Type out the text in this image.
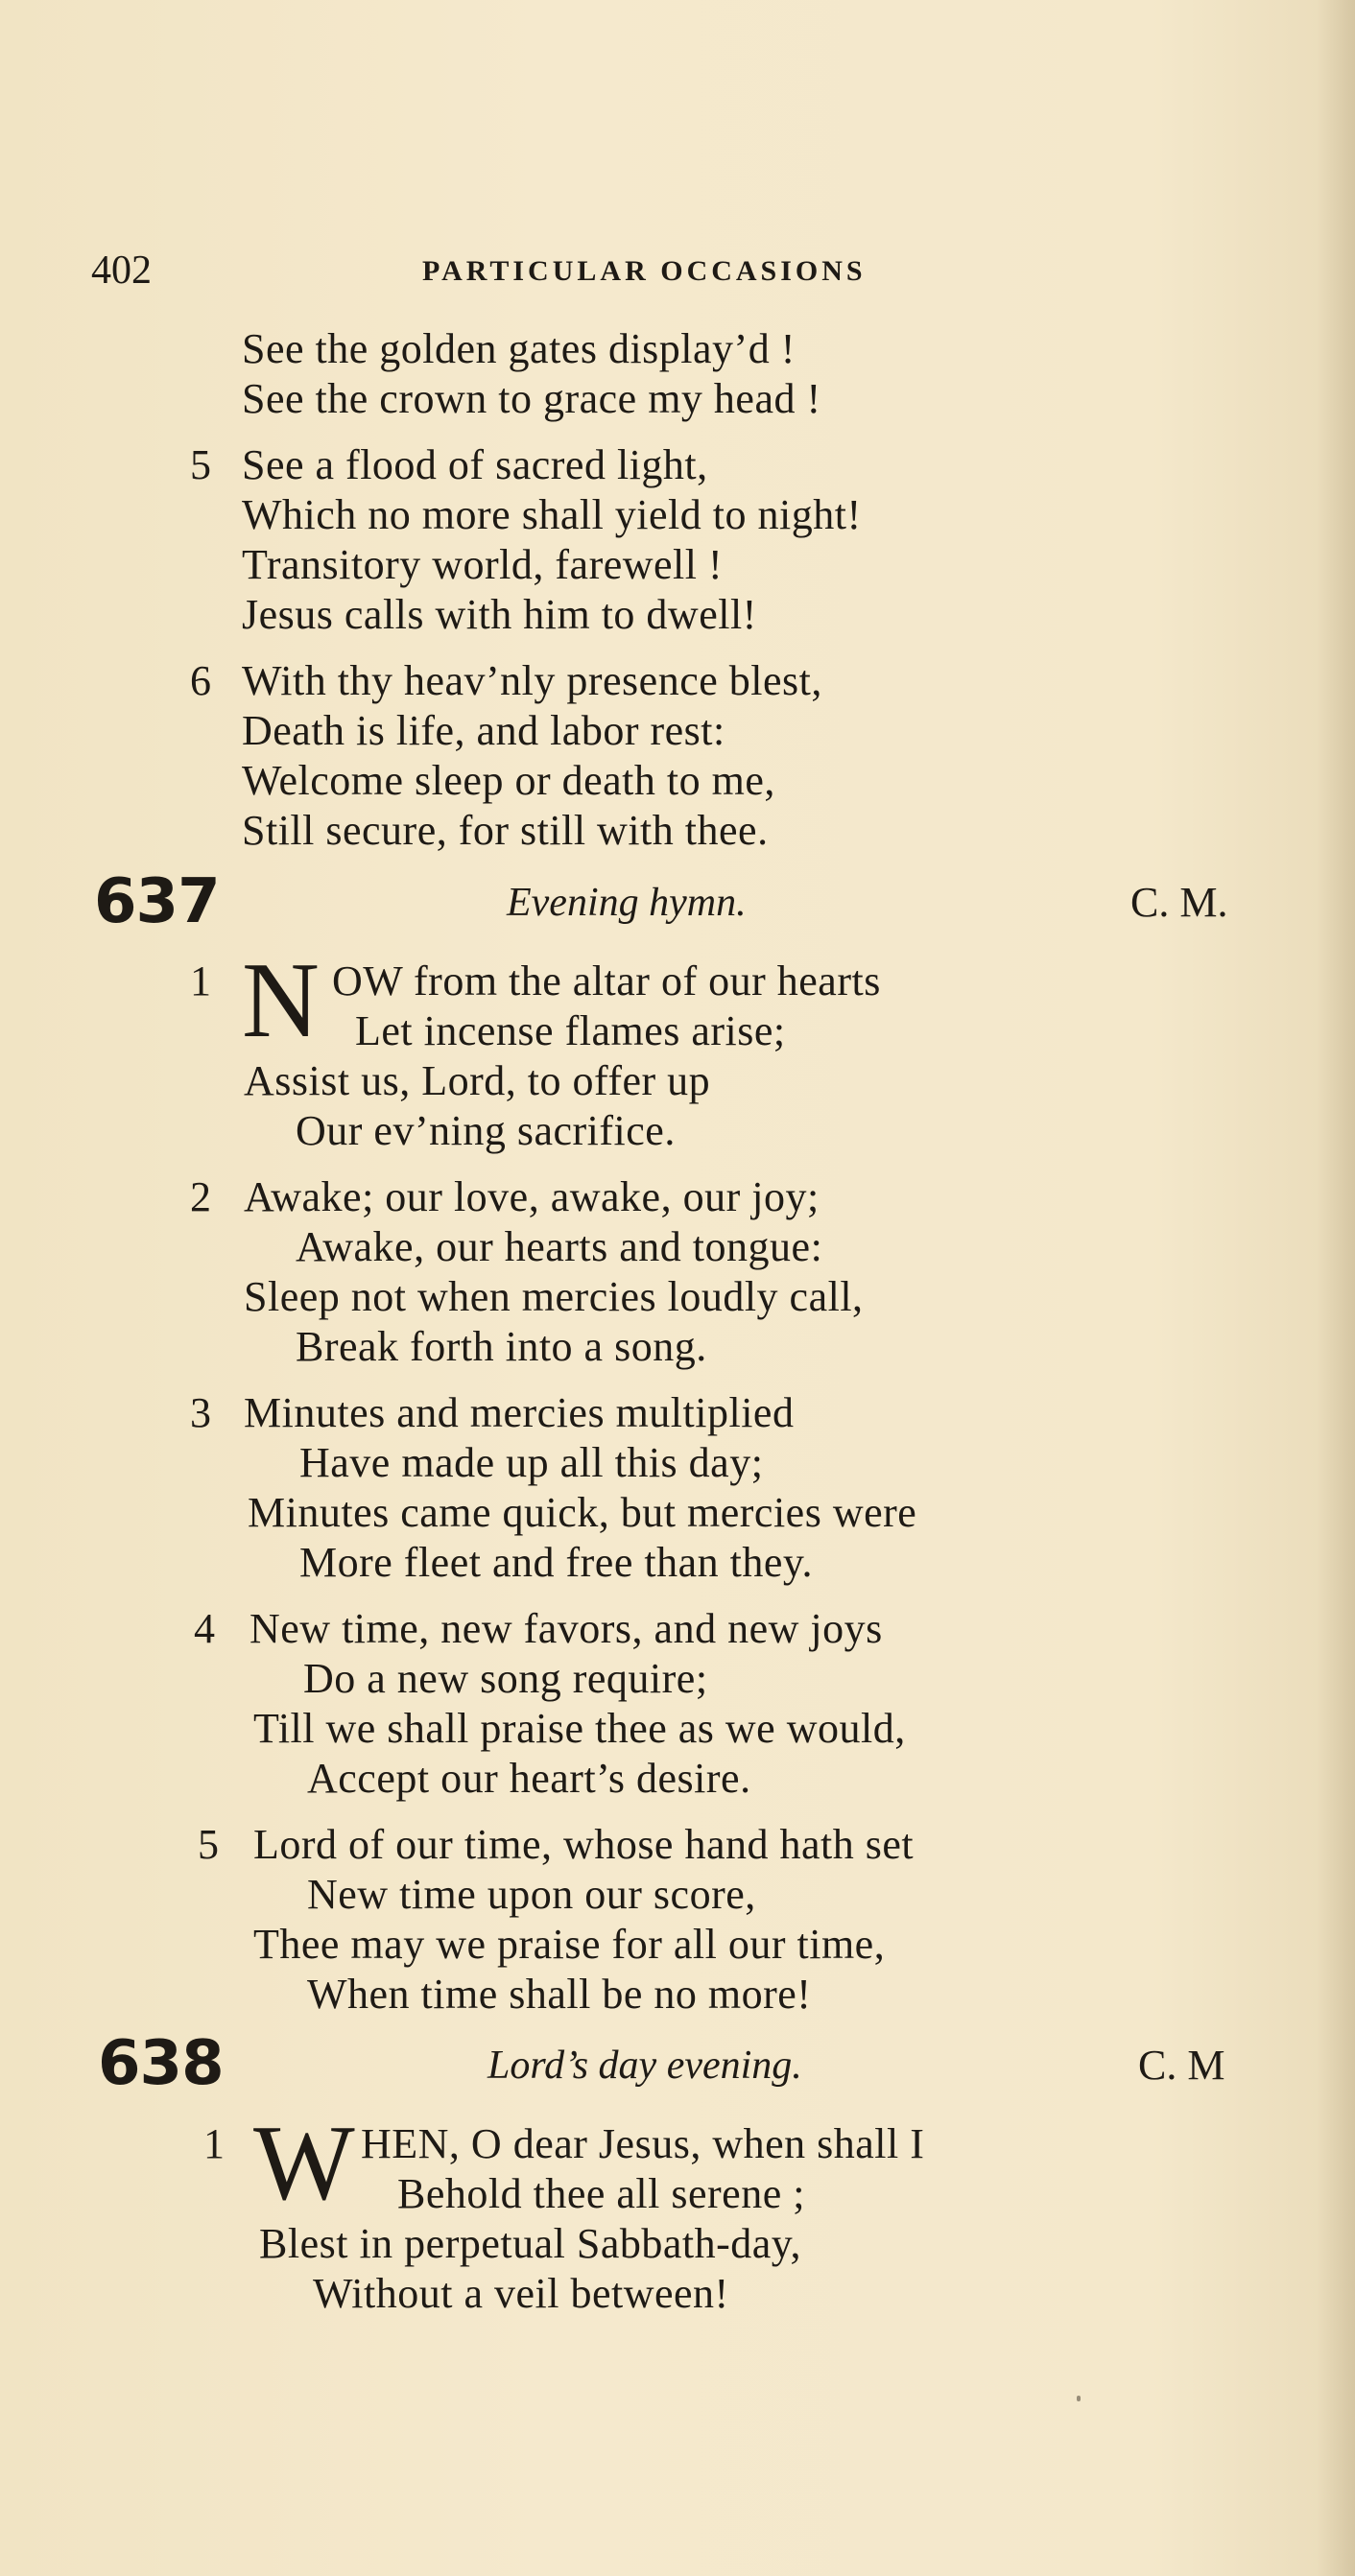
402	PARTICULAR OCCASIONS
See the golden gates display’d !
See the crown to grace my head !
5 See a flood of sacred light,
Which no more shall yield to night!
Transitory world, farewell !
Jesus calls with him to dwell!
6 With thy heav’nly presence blest,
Death is life, and labor rest:
Welcome sleep or death to me,
Still secure, for still with thee.
637	Evening hymn.	C. M.
1 N OW from the altar of our hearts
Let incense flames arise;
Assist us, Lord, to offer up
Our ev’ning sacrifice.
2 Awake; our love, awake, our joy;
Awake, our hearts and tongue:
Sleep not when mercies loudly call,
Break forth into a song.
3 Minutes and mercies multiplied
Have made up all this day;
Minutes came quick, but mercies were
More fleet and free than they.
4 New time, new favors, and new joys
Do a new song require;
Till we shall praise thee as we would,
Accept our heart’s desire.
5 Lord of our time, whose hand hath set
New time upon our score,
Thee may we praise for all our time,
When time shall be no more!
638	Lord’s day evening.	C. M
1 W HEN, O dear Jesus, when shall I
Behold thee all serene ;
Blest in perpetual Sabbath-day,
Without a veil between!
